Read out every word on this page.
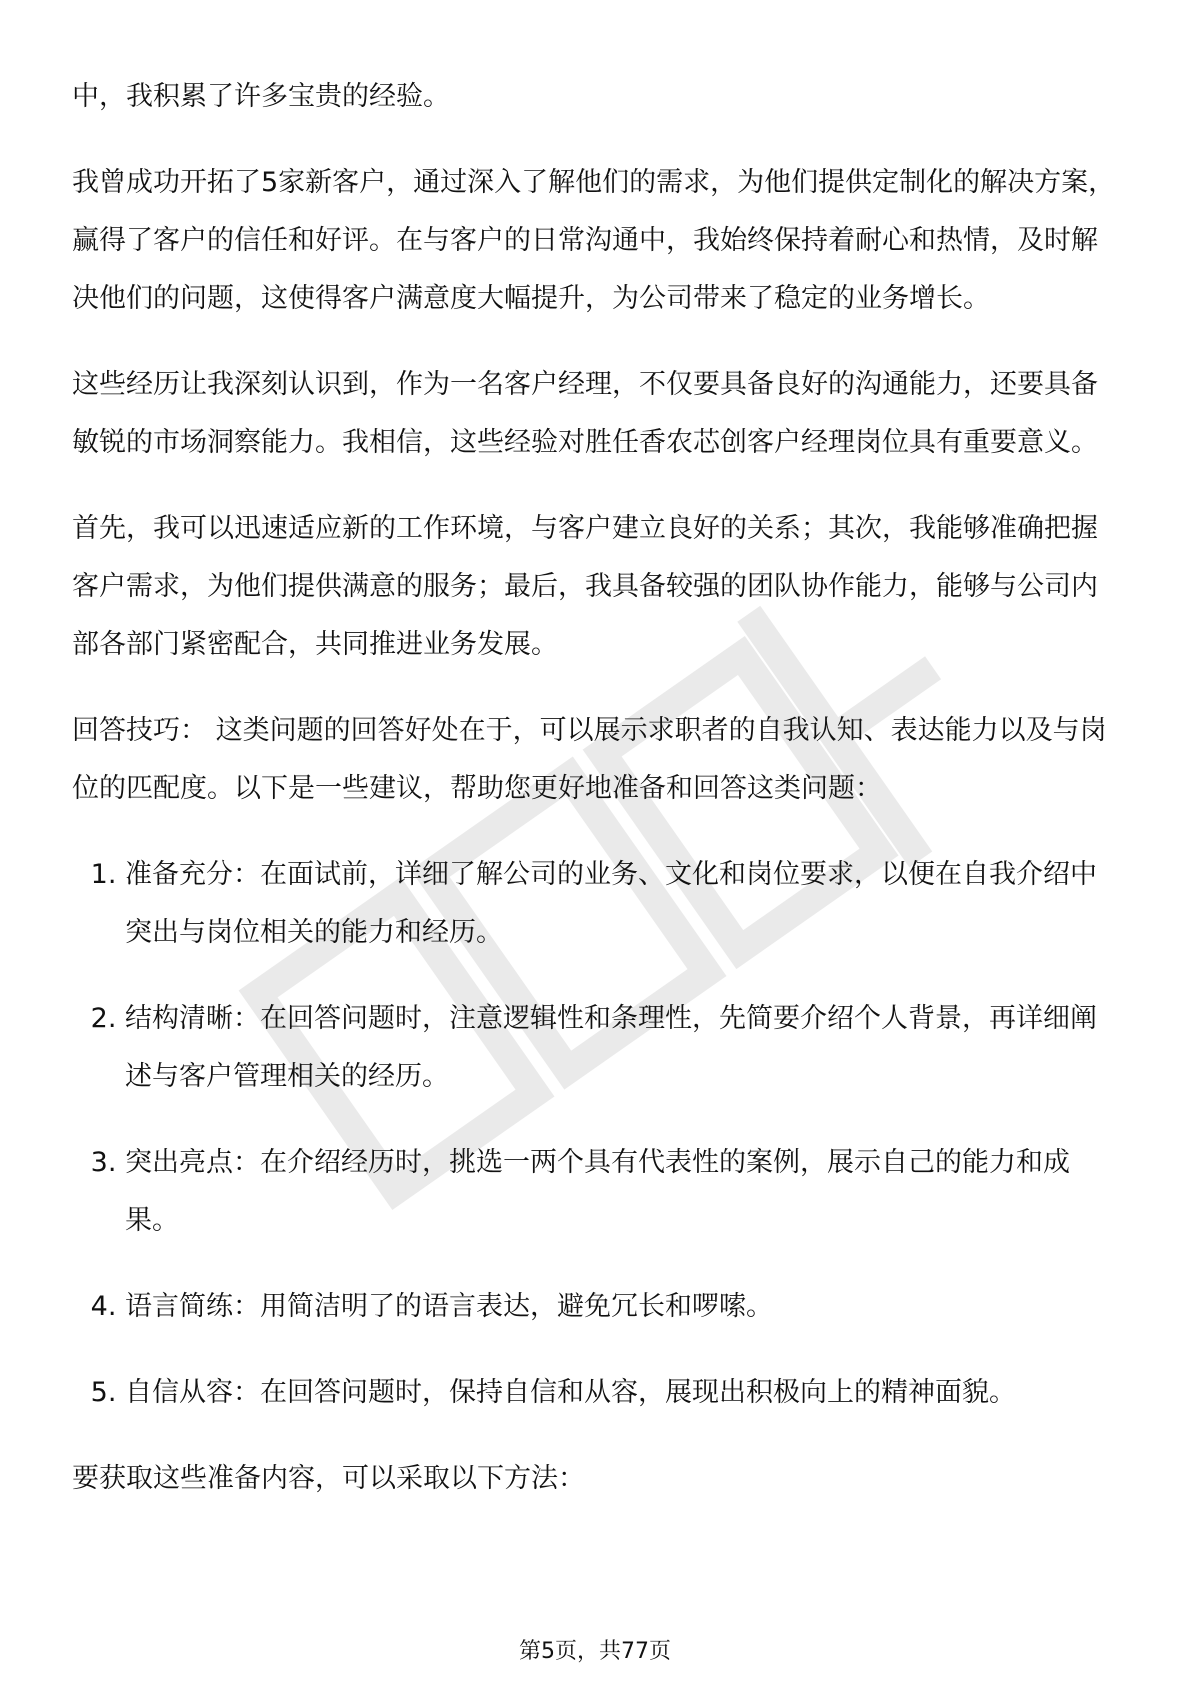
中，我积累了许多宝贵的经验。

我曾成功开拓了5家新客户，通过深入了解他们的需求，为他们提供定制化的解决方案，赢得了客户的信任和好评。在与客户的日常沟通中，我始终保持着耐心和热情，及时解决他们的问题，这使得客户满意度大幅提升，为公司带来了稳定的业务增长。

这些经历让我深刻认识到，作为一名客户经理，不仅要具备良好的沟通能力，还要具备敏锐的市场洞察能力。我相信，这些经验对胜任香农芯创客户经理岗位具有重要意义。

首先，我可以迅速适应新的工作环境，与客户建立良好的关系；其次，我能够准确把握客户需求，为他们提供满意的服务；最后，我具备较强的团队协作能力，能够与公司内部各部门紧密配合，共同推进业务发展。

回答技巧： 这类问题的回答好处在于，可以展示求职者的自我认知、表达能力以及与岗位的匹配度。以下是一些建议，帮助您更好地准备和回答这类问题：

1. 准备充分：在面试前，详细了解公司的业务、文化和岗位要求，以便在自我介绍中突出与岗位相关的能力和经历。
2. 结构清晰：在回答问题时，注意逻辑性和条理性，先简要介绍个人背景，再详细阐述与客户管理相关的经历。
3. 突出亮点：在介绍经历时，挑选一两个具有代表性的案例，展示自己的能力和成果。
4. 语言简练：用简洁明了的语言表达，避免冗长和啰嗦。
5. 自信从容：在回答问题时，保持自信和从容，展现出积极向上的精神面貌。

要获取这些准备内容，可以采取以下方法：

第5页，共77页
